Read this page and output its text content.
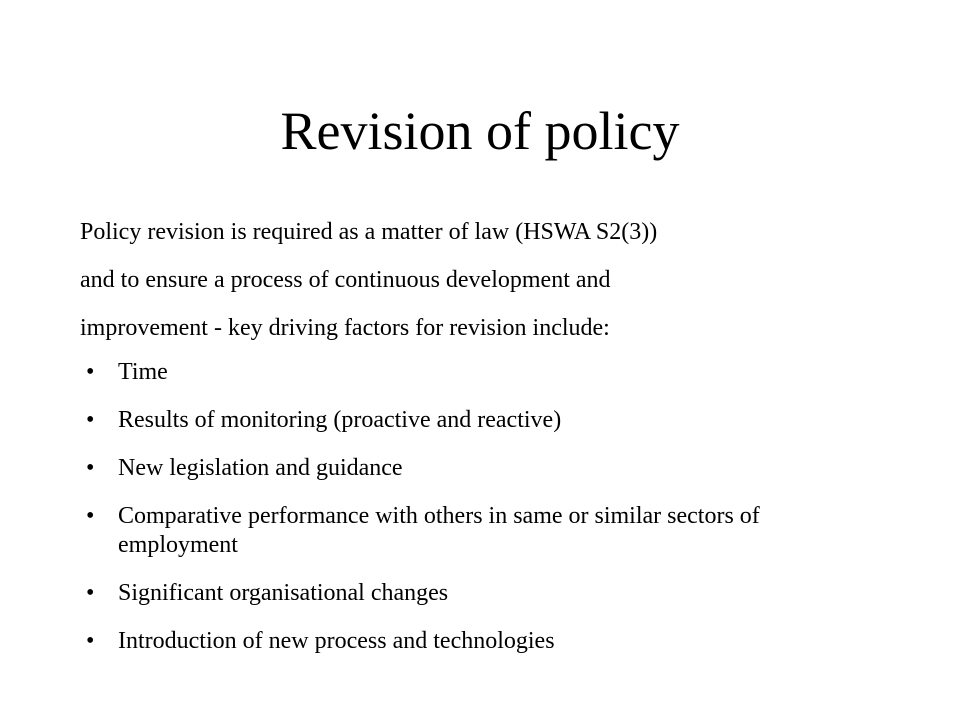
Revision of policy

Policy revision is required as a matter of law (HSWA S2(3))

and to ensure a process of continuous development and

improvement - key driving factors for revision include:

• Time
• Results of monitoring (proactive and reactive)
• New legislation and guidance
• Comparative performance with others in same or similar sectors of employment
• Significant organisational changes
• Introduction of new process and technologies
